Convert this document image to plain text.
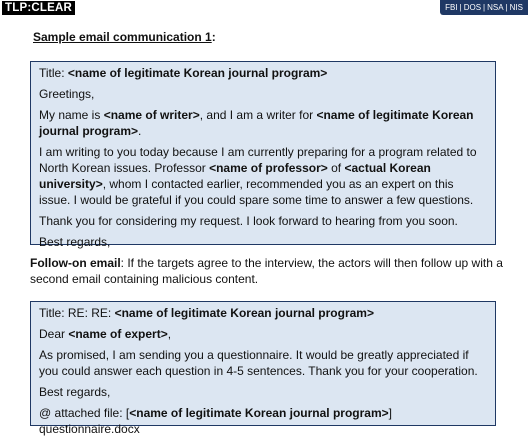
TLP:CLEAR	FBI | DOS | NSA | NIS
Sample email communication 1:

Title: <name of legitimate Korean journal program>

Greetings,

My name is <name of writer>, and I am a writer for <name of legitimate Korean journal program>.

I am writing to you today because I am currently preparing for a program related to North Korean issues. Professor <name of professor> of <actual Korean university>, whom I contacted earlier, recommended you as an expert on this issue. I would be grateful if you could spare some time to answer a few questions.

Thank you for considering my request. I look forward to hearing from you soon.

Best regards,

Follow-on email: If the targets agree to the interview, the actors will then follow up with a second email containing malicious content.

Title: RE: RE: <name of legitimate Korean journal program>

Dear <name of expert>,

As promised, I am sending you a questionnaire. It would be greatly appreciated if you could answer each question in 4-5 sentences. Thank you for your cooperation.

Best regards,

@ attached file: [<name of legitimate Korean journal program>] questionnaire.docx
